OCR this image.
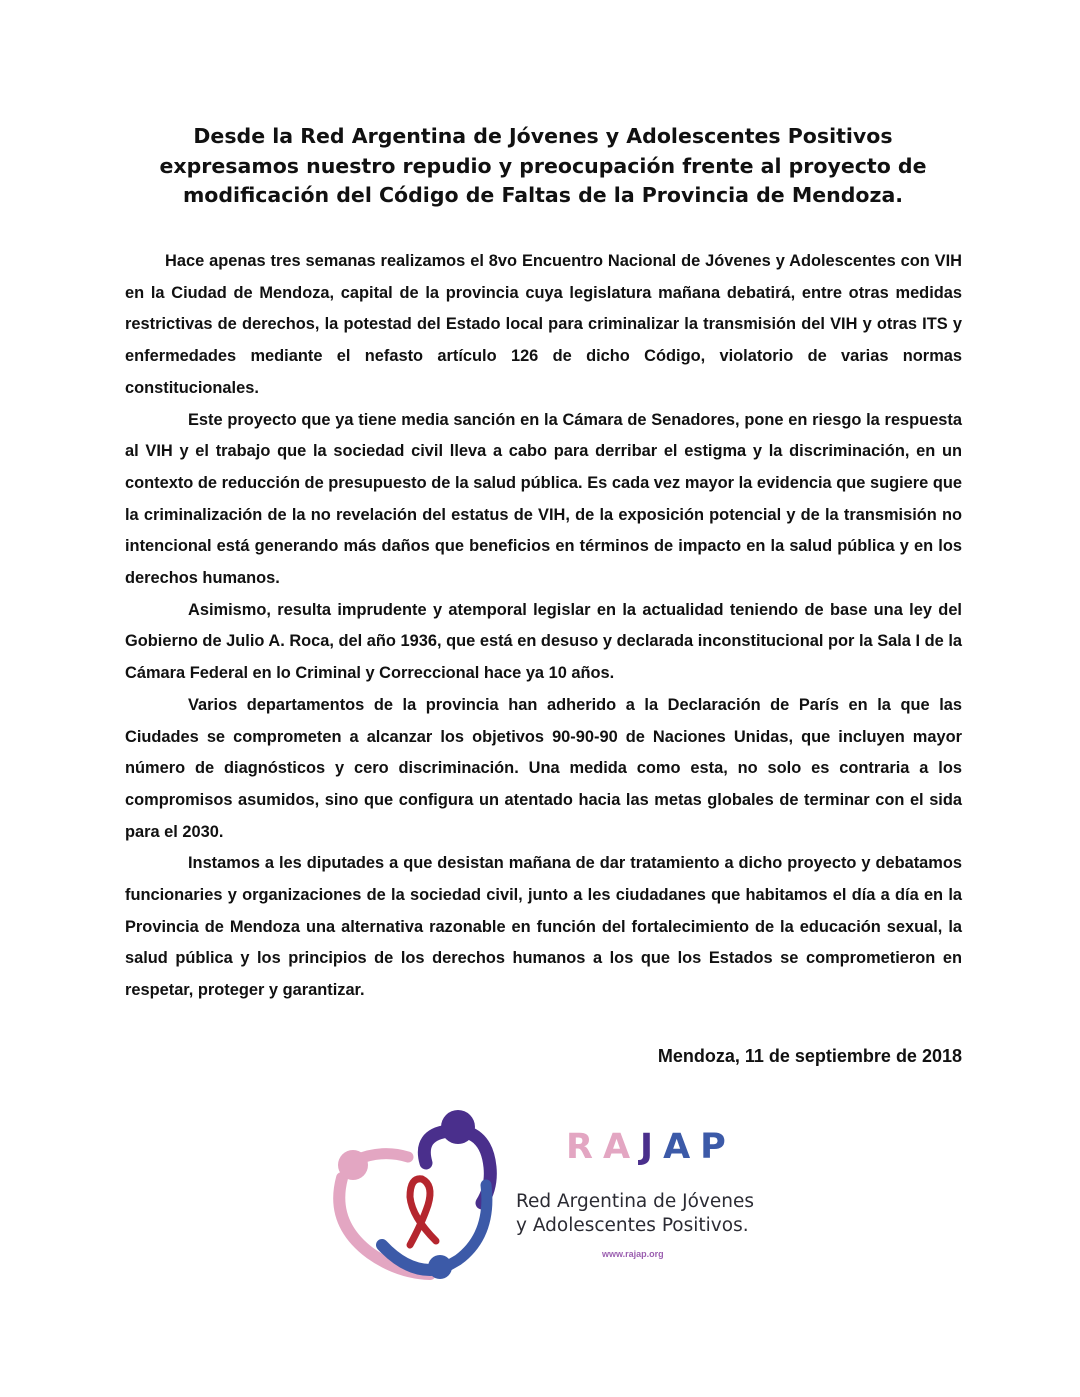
Desde la Red Argentina de Jóvenes y Adolescentes Positivos
expresamos nuestro repudio y preocupación frente al proyecto de
modificación del Código de Faltas de la Provincia de Mendoza.

Hace apenas tres semanas realizamos el 8vo Encuentro Nacional de Jóvenes y Adolescentes con VIH en la Ciudad de Mendoza, capital de la provincia cuya legislatura mañana debatirá, entre otras medidas restrictivas de derechos, la potestad del Estado local para criminalizar la transmisión del VIH y otras ITS y enfermedades mediante el nefasto artículo 126 de dicho Código, violatorio de varias normas constitucionales.

Este proyecto que ya tiene media sanción en la Cámara de Senadores, pone en riesgo la respuesta al VIH y el trabajo que la sociedad civil lleva a cabo para derribar el estigma y la discriminación, en un contexto de reducción de presupuesto de la salud pública. Es cada vez mayor la evidencia que sugiere que la criminalización de la no revelación del estatus de VIH, de la exposición potencial y de la transmisión no intencional está generando más daños que beneficios en términos de impacto en la salud pública y en los derechos humanos.

Asimismo, resulta imprudente y atemporal legislar en la actualidad teniendo de base una ley del Gobierno de Julio A. Roca, del año 1936, que está en desuso y declarada inconstitucional por la Sala I de la Cámara Federal en lo Criminal y Correccional hace ya 10 años.

Varios departamentos de la provincia han adherido a la Declaración de París en la que las Ciudades se comprometen a alcanzar los objetivos 90-90-90 de Naciones Unidas, que incluyen mayor número de diagnósticos y cero discriminación. Una medida como esta, no solo es contraria a los compromisos asumidos, sino que configura un atentado hacia las metas globales de terminar con el sida para el 2030.

Instamos a les diputades a que desistan mañana de dar tratamiento a dicho proyecto y debatamos funcionaries y organizaciones de la sociedad civil, junto a les ciudadanes que habitamos el día a día en la Provincia de Mendoza una alternativa razonable en función del fortalecimiento de la educación sexual, la salud pública y los principios de los derechos humanos a los que los Estados se comprometieron en respetar, proteger y garantizar.

Mendoza, 11 de septiembre de 2018
RAJAP
Red Argentina de Jóvenes
y Adolescentes Positivos.
www.rajap.org
